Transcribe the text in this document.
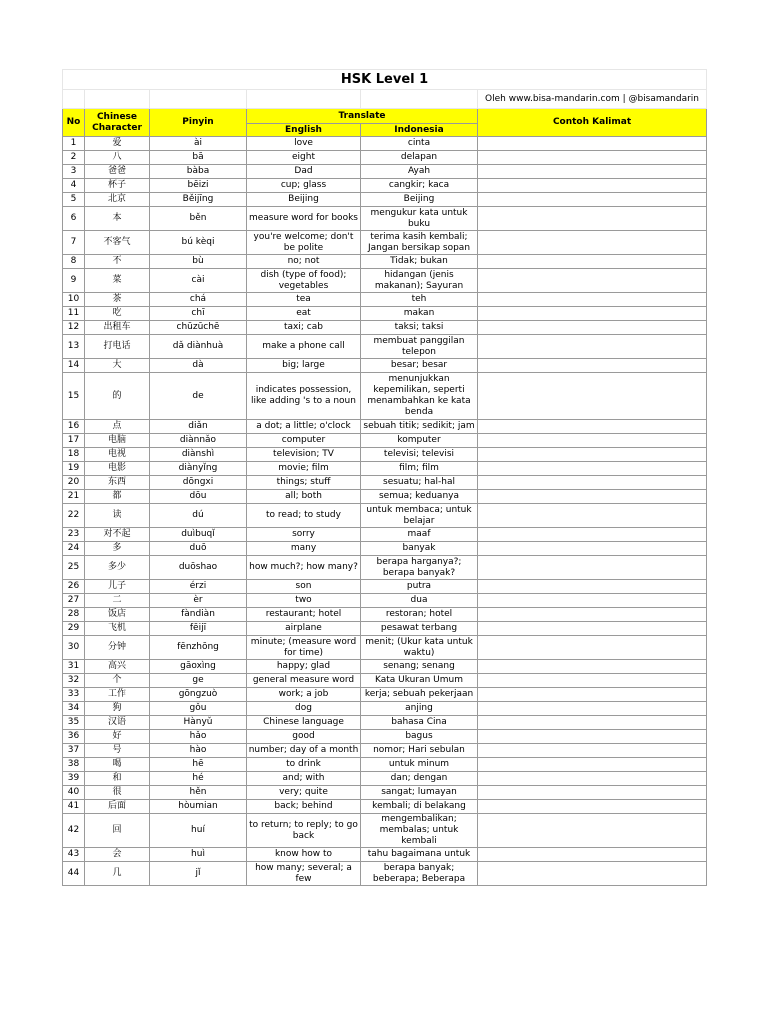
HSK Level 1					
					Oleh www.bisa-mandarin.com | @bisamandarin
No	Chinese Character	Pinyin	Translate		Contoh Kalimat
			English	Indonesia	
1	爱	ài	love	cinta	
2	八	bā	eight	delapan	
3	爸爸	bàba	Dad	Ayah	
4	杯子	bēizi	cup; glass	cangkir; kaca	
5	北京	Běijīng	Beijing	Beijing	
6	本	běn	measure word for books	mengukur kata untuk buku	
7	不客气	bú kèqi	you're welcome; don't be polite	terima kasih kembali; Jangan bersikap sopan	
8	不	bù	no; not	Tidak; bukan	
9	菜	cài	dish (type of food); vegetables	hidangan (jenis makanan); Sayuran	
10	茶	chá	tea	teh	
11	吃	chī	eat	makan	
12	出租车	chūzūchē	taxi; cab	taksi; taksi	
13	打电话	dǎ diànhuà	make a phone call	membuat panggilan telepon	
14	大	dà	big; large	besar; besar	
15	的	de	indicates possession, like adding 's to a noun	menunjukkan kepemilikan, seperti menambahkan ke kata benda	
16	点	diǎn	a dot; a little; o'clock	sebuah titik; sedikit; jam	
17	电脑	diànnǎo	computer	komputer	
18	电视	diànshì	television; TV	televisi; televisi	
19	电影	diànyǐng	movie; film	film; film	
20	东西	dōngxi	things; stuff	sesuatu; hal-hal	
21	都	dōu	all; both	semua; keduanya	
22	读	dú	to read; to study	untuk membaca; untuk belajar	
23	对不起	duìbuqǐ	sorry	maaf	
24	多	duō	many	banyak	
25	多少	duōshao	how much?; how many?	berapa harganya?; berapa banyak?	
26	儿子	érzi	son	putra	
27	二	èr	two	dua	
28	饭店	fàndiàn	restaurant; hotel	restoran; hotel	
29	飞机	fēijī	airplane	pesawat terbang	
30	分钟	fēnzhōng	minute; (measure word for time)	menit; (Ukur kata untuk waktu)	
31	高兴	gāoxìng	happy; glad	senang; senang	
32	个	ge	general measure word	Kata Ukuran Umum	
33	工作	gōngzuò	work; a job	kerja; sebuah pekerjaan	
34	狗	gǒu	dog	anjing	
35	汉语	Hànyǔ	Chinese language	bahasa Cina	
36	好	hǎo	good	bagus	
37	号	hào	number; day of a month	nomor; Hari sebulan	
38	喝	hē	to drink	untuk minum	
39	和	hé	and; with	dan; dengan	
40	很	hěn	very; quite	sangat; lumayan	
41	后面	hòumian	back; behind	kembali; di belakang	
42	回	huí	to return; to reply; to go back	mengembalikan; membalas; untuk kembali	
43	会	huì	know how to	tahu bagaimana untuk	
44	几	jǐ	how many; several; a few	berapa banyak; beberapa; Beberapa	
